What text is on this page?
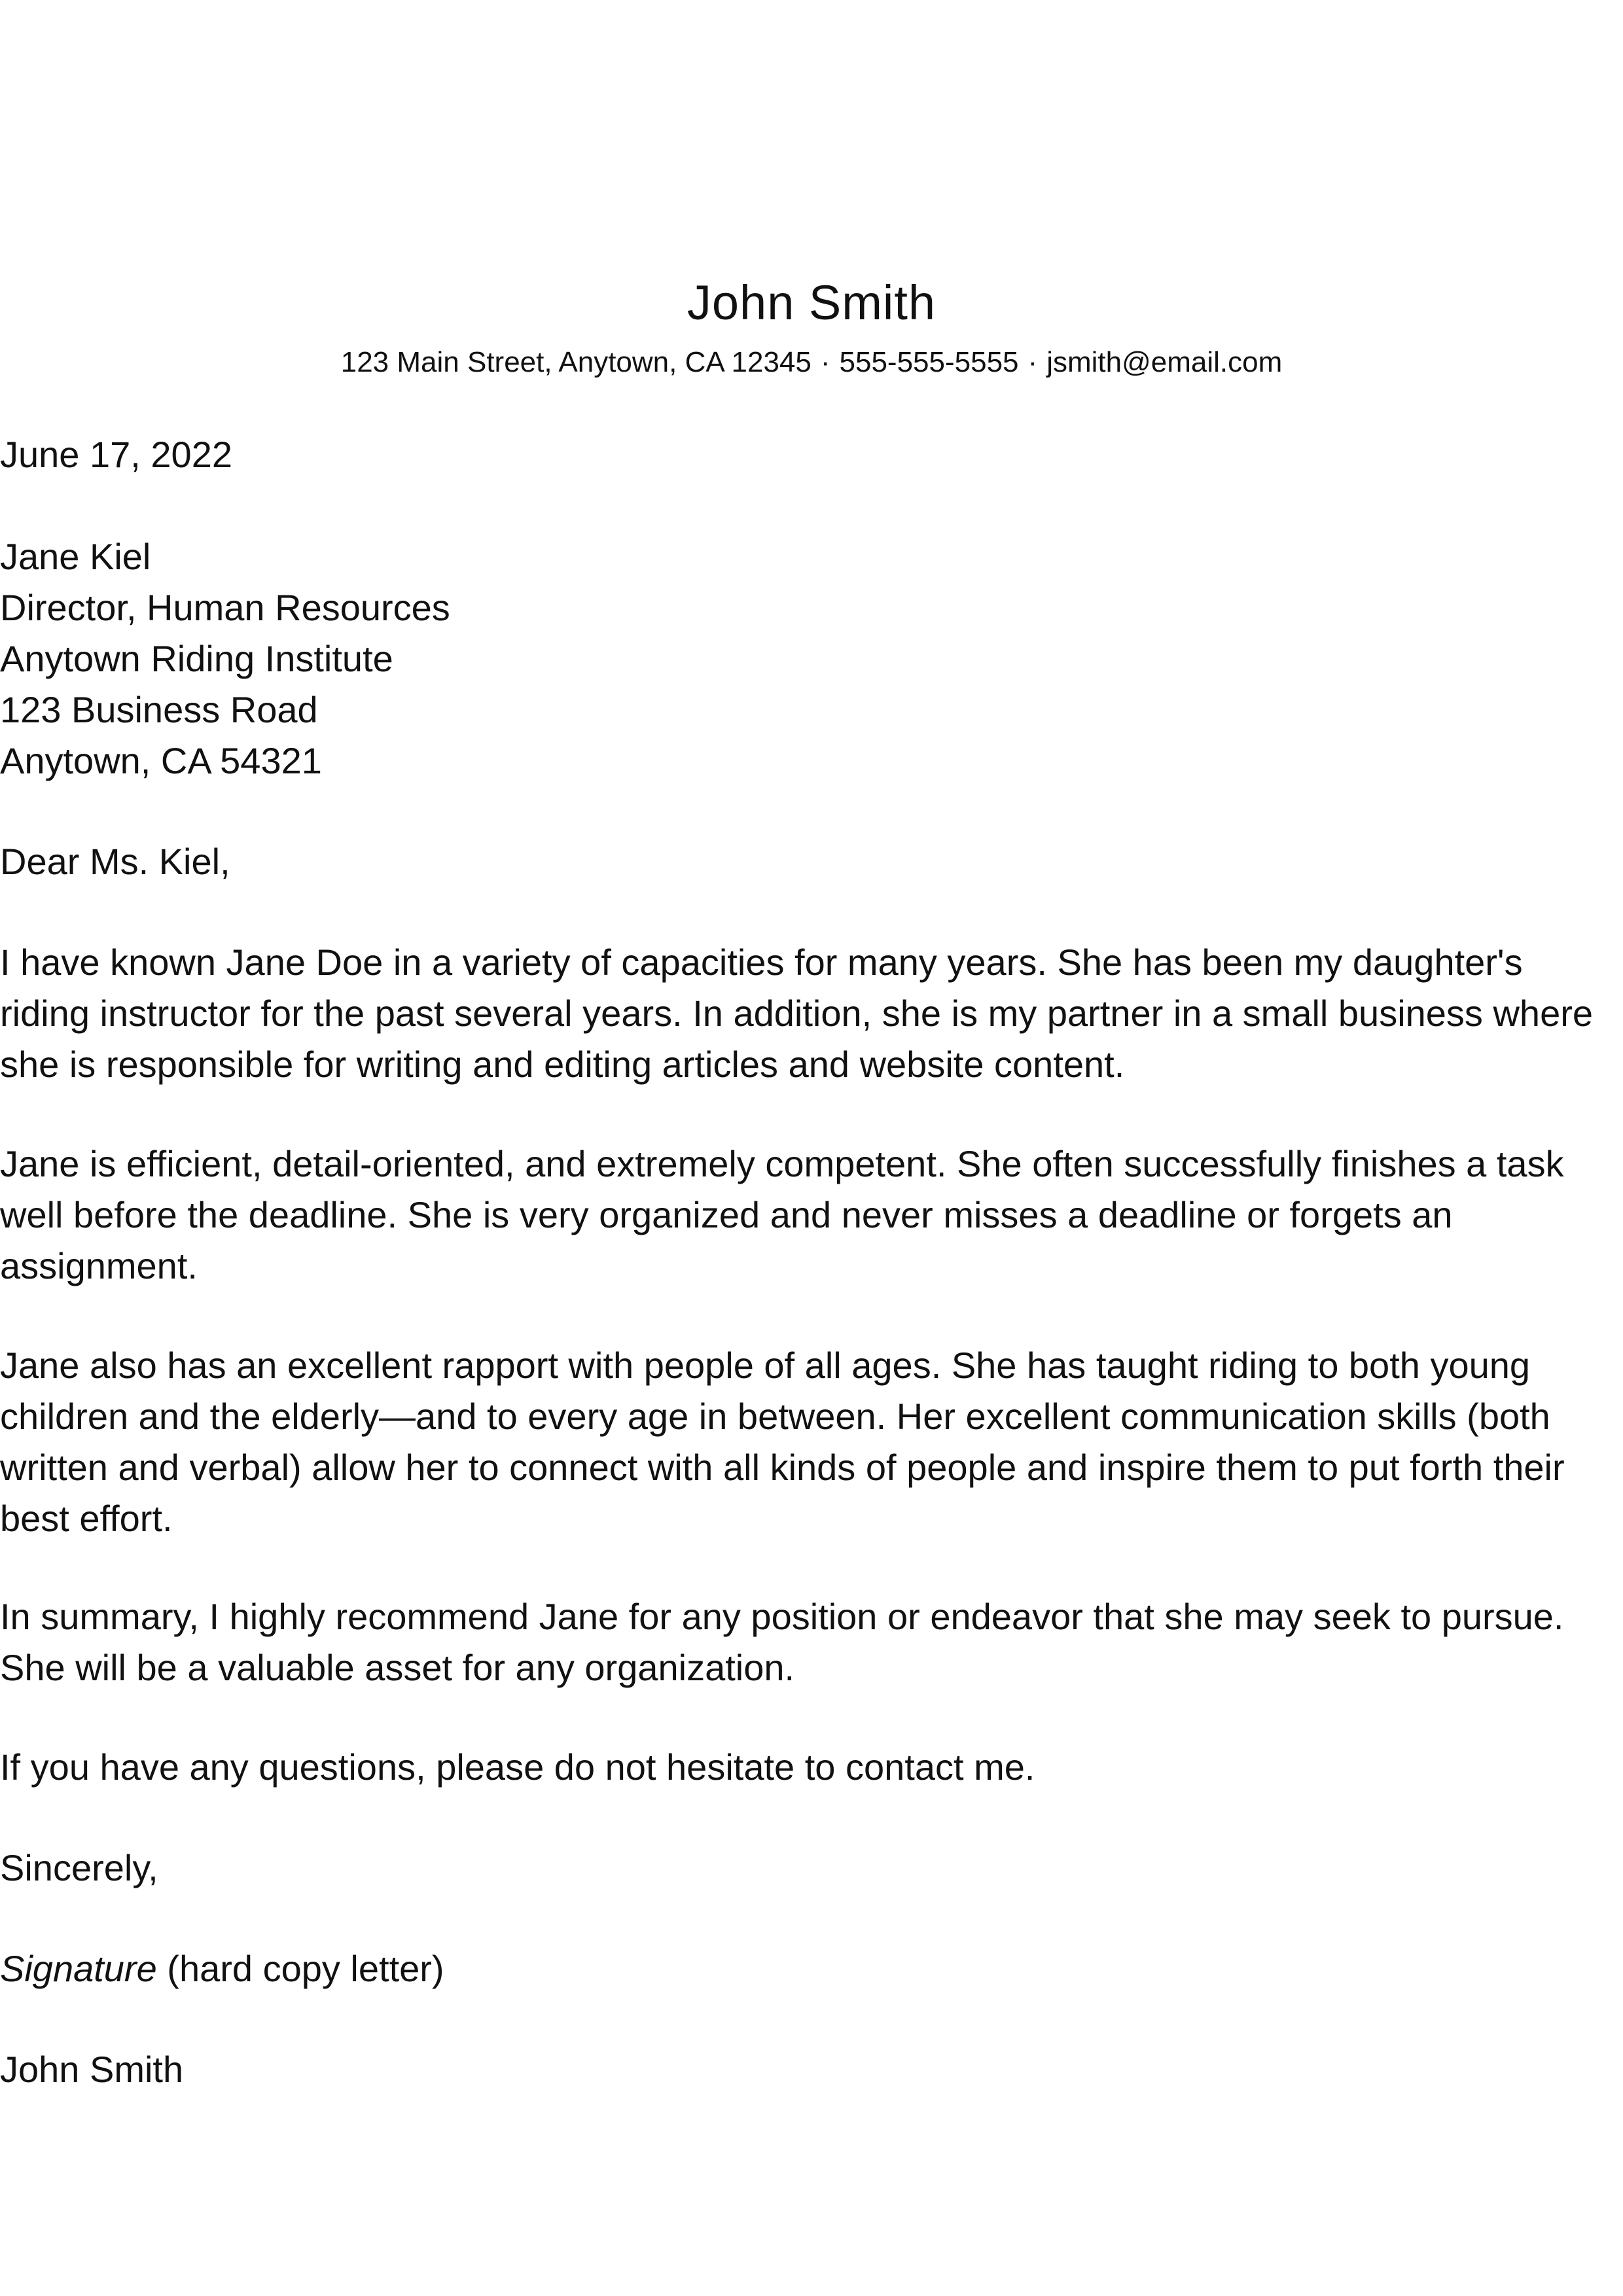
John Smith
123 Main Street, Anytown, CA 12345 · 555-555-5555 · jsmith@email.com
June 17, 2022

Jane Kiel

Director, Human Resources

Anytown Riding Institute

123 Business Road

Anytown, CA 54321

Dear Ms. Kiel,
I have known Jane Doe in a variety of capacities for many years. She has been my daughter's riding instructor for the past several years. In addition, she is my partner in a small business where she is responsible for writing and editing articles and website content.
Jane is efficient, detail-oriented, and extremely competent. She often successfully finishes a task well before the deadline. She is very organized and never misses a deadline or forgets an assignment.
Jane also has an excellent rapport with people of all ages. She has taught riding to both young children and the elderly—and to every age in between. Her excellent communication skills (both written and verbal) allow her to connect with all kinds of people and inspire them to put forth their best effort.
In summary, I highly recommend Jane for any position or endeavor that she may seek to pursue. She will be a valuable asset for any organization.
If you have any questions, please do not hesitate to contact me.
Sincerely,
Signature (hard copy letter)
John Smith
